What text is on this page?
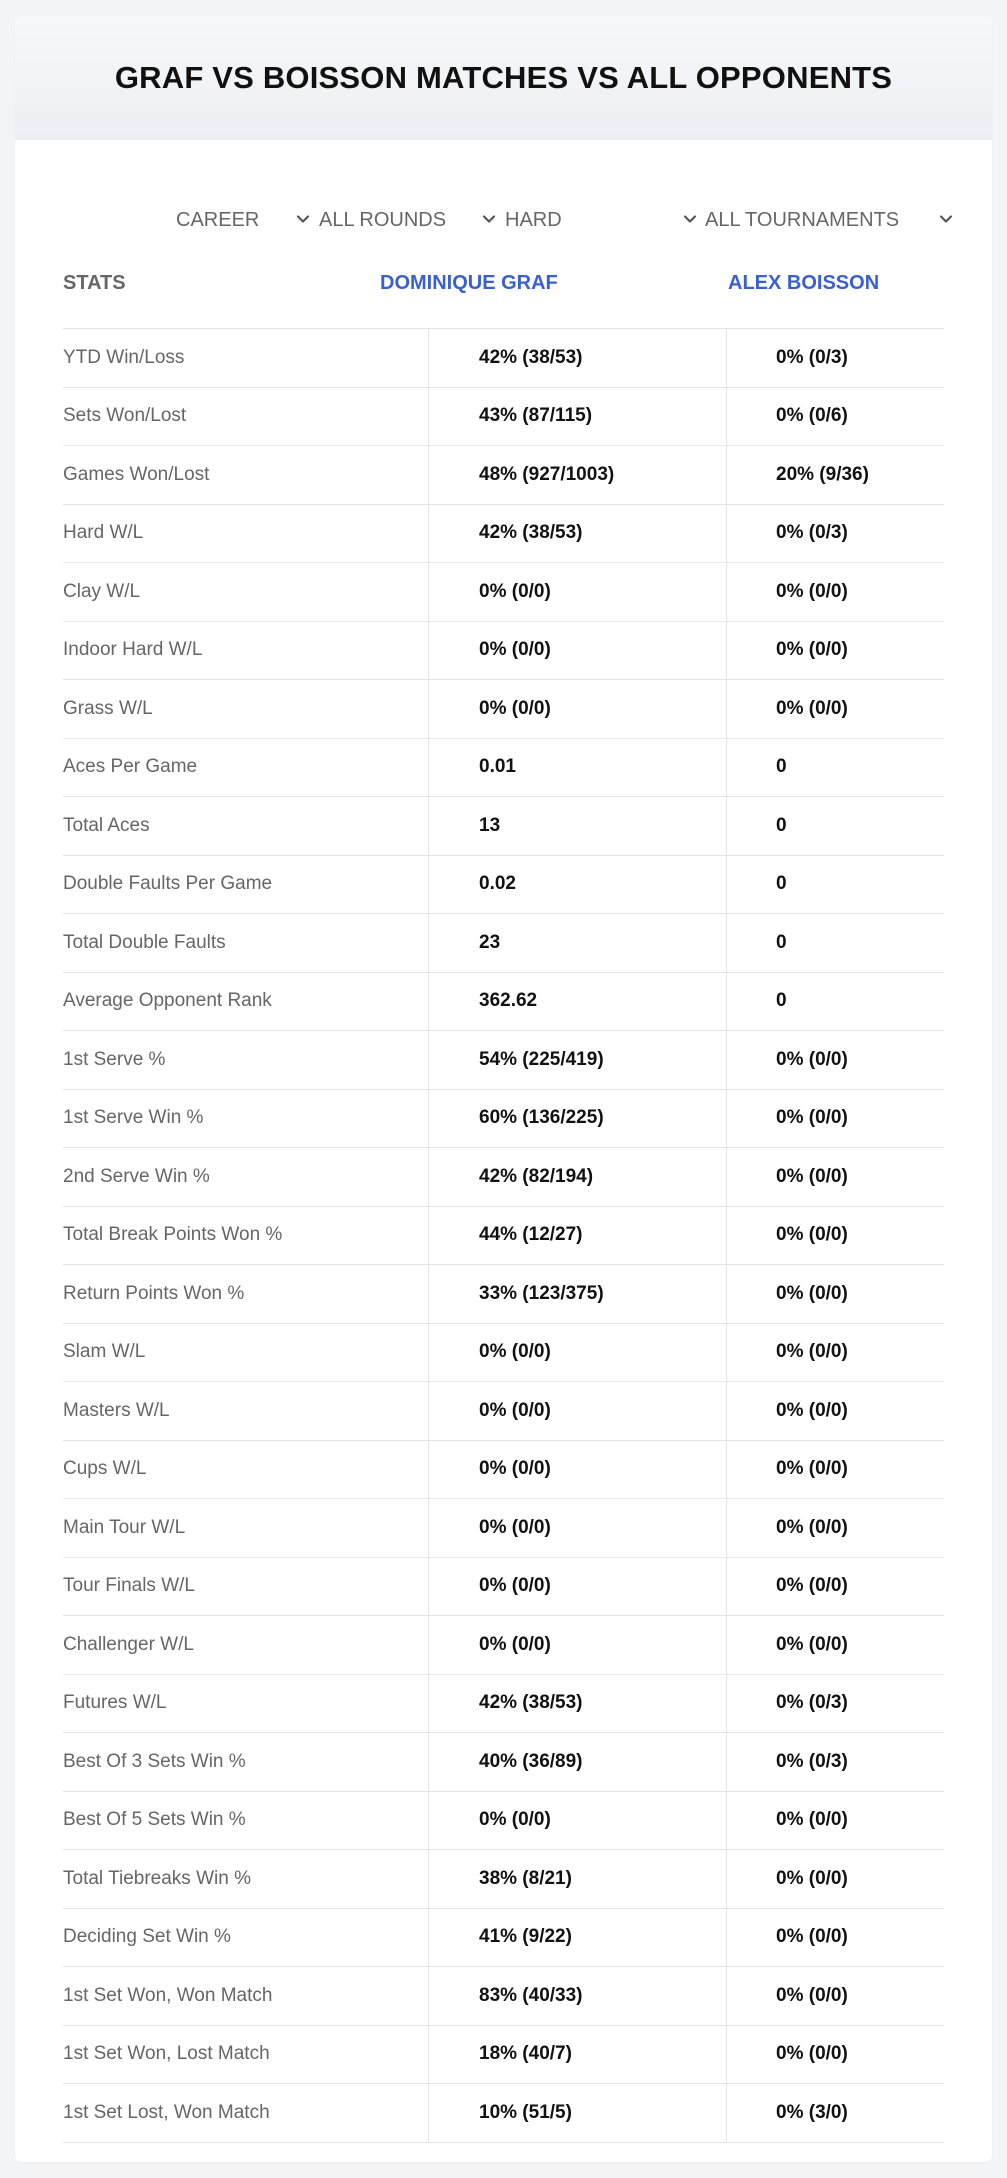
GRAF VS BOISSON MATCHES VS ALL OPPONENTS
CAREER	ALL ROUNDS	HARD	ALL TOURNAMENTS
STATS	DOMINIQUE GRAF	ALEX BOISSON
YTD Win/Loss	42% (38/53)	0% (0/3)
Sets Won/Lost	43% (87/115)	0% (0/6)
Games Won/Lost	48% (927/1003)	20% (9/36)
Hard W/L	42% (38/53)	0% (0/3)
Clay W/L	0% (0/0)	0% (0/0)
Indoor Hard W/L	0% (0/0)	0% (0/0)
Grass W/L	0% (0/0)	0% (0/0)
Aces Per Game	0.01	0
Total Aces	13	0
Double Faults Per Game	0.02	0
Total Double Faults	23	0
Average Opponent Rank	362.62	0
1st Serve %	54% (225/419)	0% (0/0)
1st Serve Win %	60% (136/225)	0% (0/0)
2nd Serve Win %	42% (82/194)	0% (0/0)
Total Break Points Won %	44% (12/27)	0% (0/0)
Return Points Won %	33% (123/375)	0% (0/0)
Slam W/L	0% (0/0)	0% (0/0)
Masters W/L	0% (0/0)	0% (0/0)
Cups W/L	0% (0/0)	0% (0/0)
Main Tour W/L	0% (0/0)	0% (0/0)
Tour Finals W/L	0% (0/0)	0% (0/0)
Challenger W/L	0% (0/0)	0% (0/0)
Futures W/L	42% (38/53)	0% (0/3)
Best Of 3 Sets Win %	40% (36/89)	0% (0/3)
Best Of 5 Sets Win %	0% (0/0)	0% (0/0)
Total Tiebreaks Win %	38% (8/21)	0% (0/0)
Deciding Set Win %	41% (9/22)	0% (0/0)
1st Set Won, Won Match	83% (40/33)	0% (0/0)
1st Set Won, Lost Match	18% (40/7)	0% (0/0)
1st Set Lost, Won Match	10% (51/5)	0% (3/0)
